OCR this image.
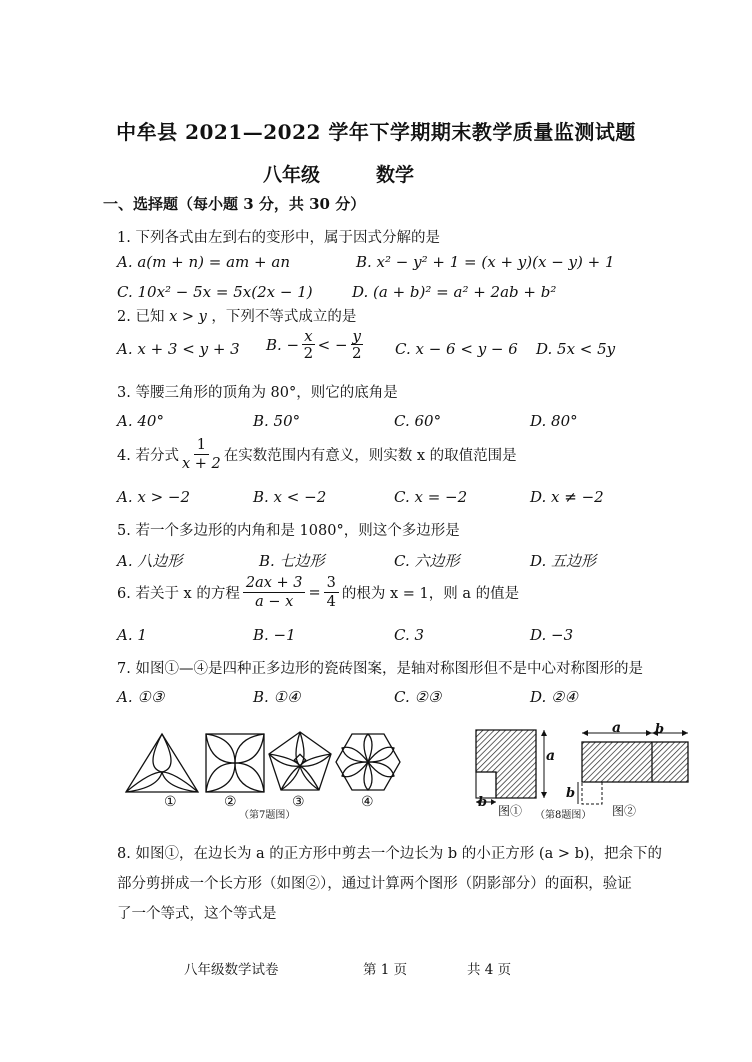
中牟县 2021—2022 学年下学期期末教学质量监测试题
八年级	数学
一、选择题（每小题 3 分，共 30 分）
1. 下列各式由左到右的变形中，属于因式分解的是
A. a(m + n) = am + an	B. x² − y² + 1 = (x + y)(x − y) + 1
C. 10x² − 5x = 5x(2x − 1)	D. (a + b)² = a² + 2ab + b²
2. 已知 x > y ，下列不等式成立的是
A. x + 3 < y + 3 B. − $\frac{x}{2}$ < − $\frac{y}{2} C$. x − 6 < y − 6 D. 5x < 5y
3. 等腰三角形的顶角为 80°，则它的底角是
A. 40°	B. 50°	C. 60°	D. 80°
4. 若分式 $\frac{1}{x + 2}$ 在实数范围内有意义，则实数 x 的取值范围是
A. x > −2	B. x < −2	C. x = −2	D. x ≠ −2
5. 若一个多边形的内角和是 1080°，则这个多边形是
A. 八边形	B. 七边形	C. 六边形	D. 五边形
6. 若关于 x 的方程 $\frac{2ax + 3}{a - x} = \frac{3}{4}$ 的根为 x = 1，则 a 的值是
A. 1	B. −1	C. 3	D. −3
7. 如图①—④是四种正多边形的瓷砖图案，是轴对称图形但不是中心对称图形的是
A. ①③	B. ①④	C. ②③	D. ②④
①	②	③	④
（第7题图）
a
b
图①
a	b
b
图②
（第8题图）
8. 如图①，在边长为 a 的正方形中剪去一个边长为 b 的小正方形 (a > b)，把余下的
部分剪拼成一个长方形（如图②），通过计算两个图形（阴影部分）的面积，验证
了一个等式，这个等式是
八年级数学试卷	第 1 页	共 4 页
